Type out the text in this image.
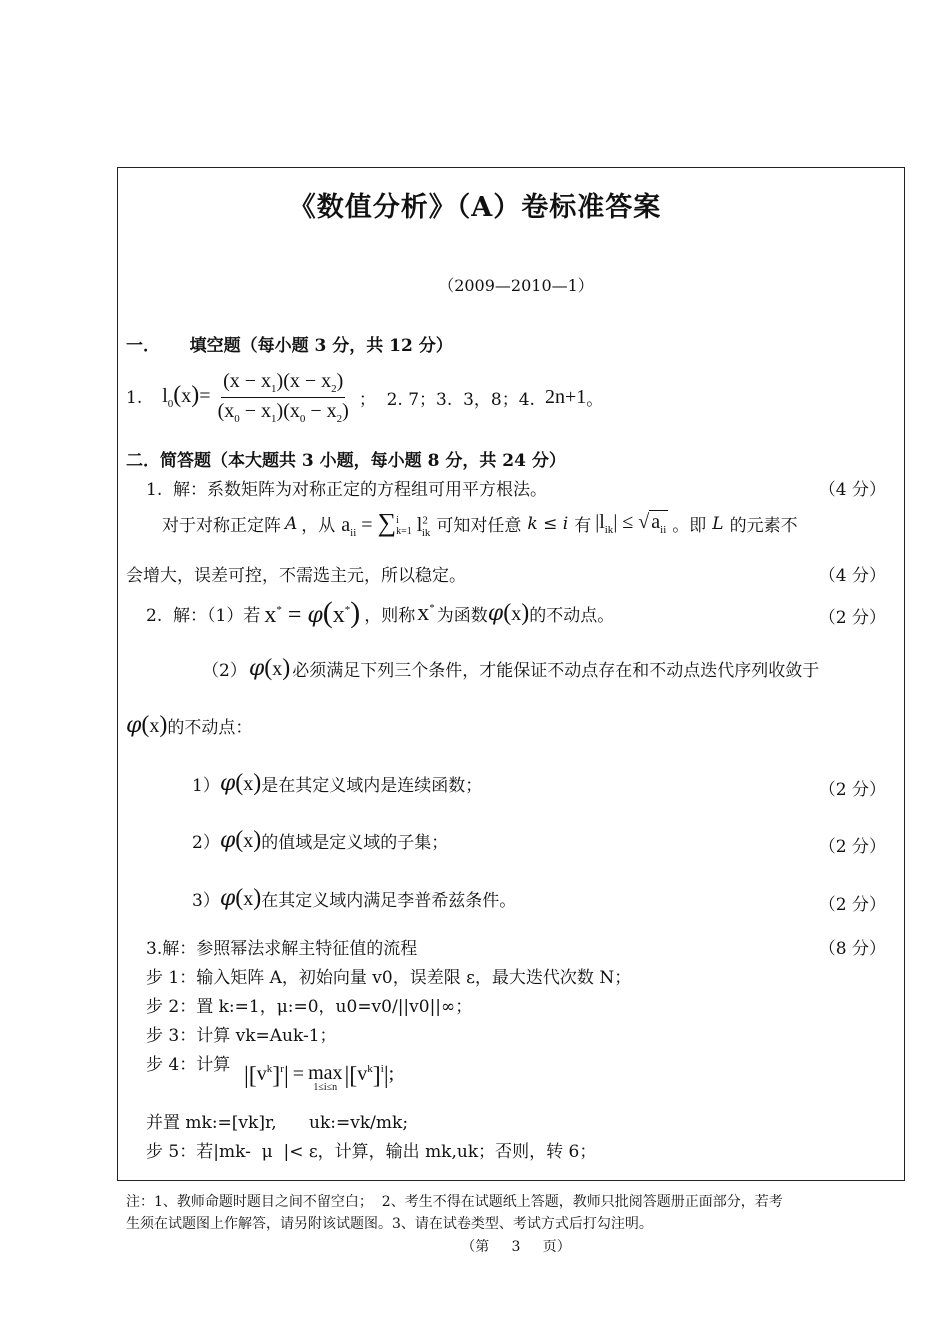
《数值分析》（A）卷标准答案
（2009—2010—1）
一．     填空题（每小题 3 分，共 12 分）
1. $l_0(x)= \frac{(x - x_1)(x - x_2)}{(x_0 - x_1)(x_0 - x_2)}$ ；  2. 7；3.  3，8；4. 2n+1 。
二．简答题（本大题共 3 小题，每小题 8 分，共 24 分）
1.  解：系数矩阵为对称正定的方程组可用平方根法。	（4 分）
对于对称正定阵 A ，从 $a_{ii}$ = ∑ i
k=1 $l^2_{ik}$ 可知对任意 k ≤ i 有 $|l_{ik}|$ ≤ √ $a_{ii}$ 。即 L 的元素不
会增大，误差可控，不需选主元，所以稳定。	（4 分）
2.  解：（1）若 x* = φ(x*) ，则称 x* 为函数 φ(x) 的不动点。	（2 分）
（2） φ(x) 必须满足下列三个条件，才能保证不动点存在和不动点迭代序列收敛于
φ(x) 的不动点：
1） φ(x) 是在其定义域内是连续函数；	（2 分）
2） φ(x) 的值域是定义域的子集；	（2 分）
3） φ(x) 在其定义域内满足李普希兹条件。	（2 分）
3.解：参照幂法求解主特征值的流程	（8 分）
步 1：输入矩阵 A，初始向量 v0，误差限 ε，最大迭代次数 N；
步 2：置 k:=1，μ:=0，u0=v0/||v0||∞；
步 3：计算 vk=Auk-1；
步 4：计算 |[ $v^k$ ]$^r$ | = max
1≤i≤n |[ $v^k$ ]$^i$ | ;
并置 mk:=[vk]r,      uk:=vk/mk;
步 5：若|mk-  μ  |< ε，计算，输出 mk,uk；否则，转 6；
注：1、教师命题时题目之间不留空白；  2、考生不得在试题纸上答题，教师只批阅答题册正面部分，若考
生须在试题图上作解答，请另附该试题图。3、请在试卷类型、考试方式后打勾注明。
（第     3     页）
